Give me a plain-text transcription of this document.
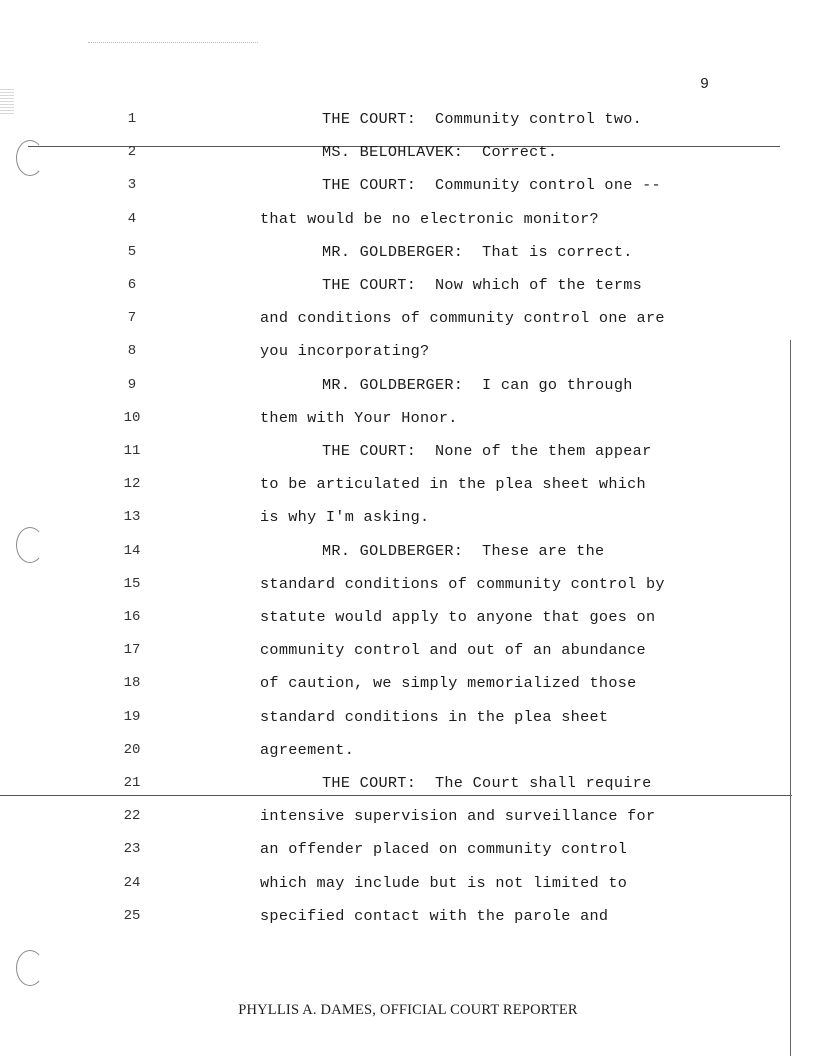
9
1	THE COURT:  Community control two.
2	MS. BELOHLAVEK:  Correct.
3	THE COURT:  Community control one --
4	that would be no electronic monitor?
5	MR. GOLDBERGER:  That is correct.
6	THE COURT:  Now which of the terms
7	and conditions of community control one are
8	you incorporating?
9	MR. GOLDBERGER:  I can go through
10	them with Your Honor.
11	THE COURT:  None of the them appear
12	to be articulated in the plea sheet which
13	is why I'm asking.
14	MR. GOLDBERGER:  These are the
15	standard conditions of community control by
16	statute would apply to anyone that goes on
17	community control and out of an abundance
18	of caution, we simply memorialized those
19	standard conditions in the plea sheet
20	agreement.
21	THE COURT:  The Court shall require
22	intensive supervision and surveillance for
23	an offender placed on community control
24	which may include but is not limited to
25	specified contact with the parole and
PHYLLIS A. DAMES, OFFICIAL COURT REPORTER
